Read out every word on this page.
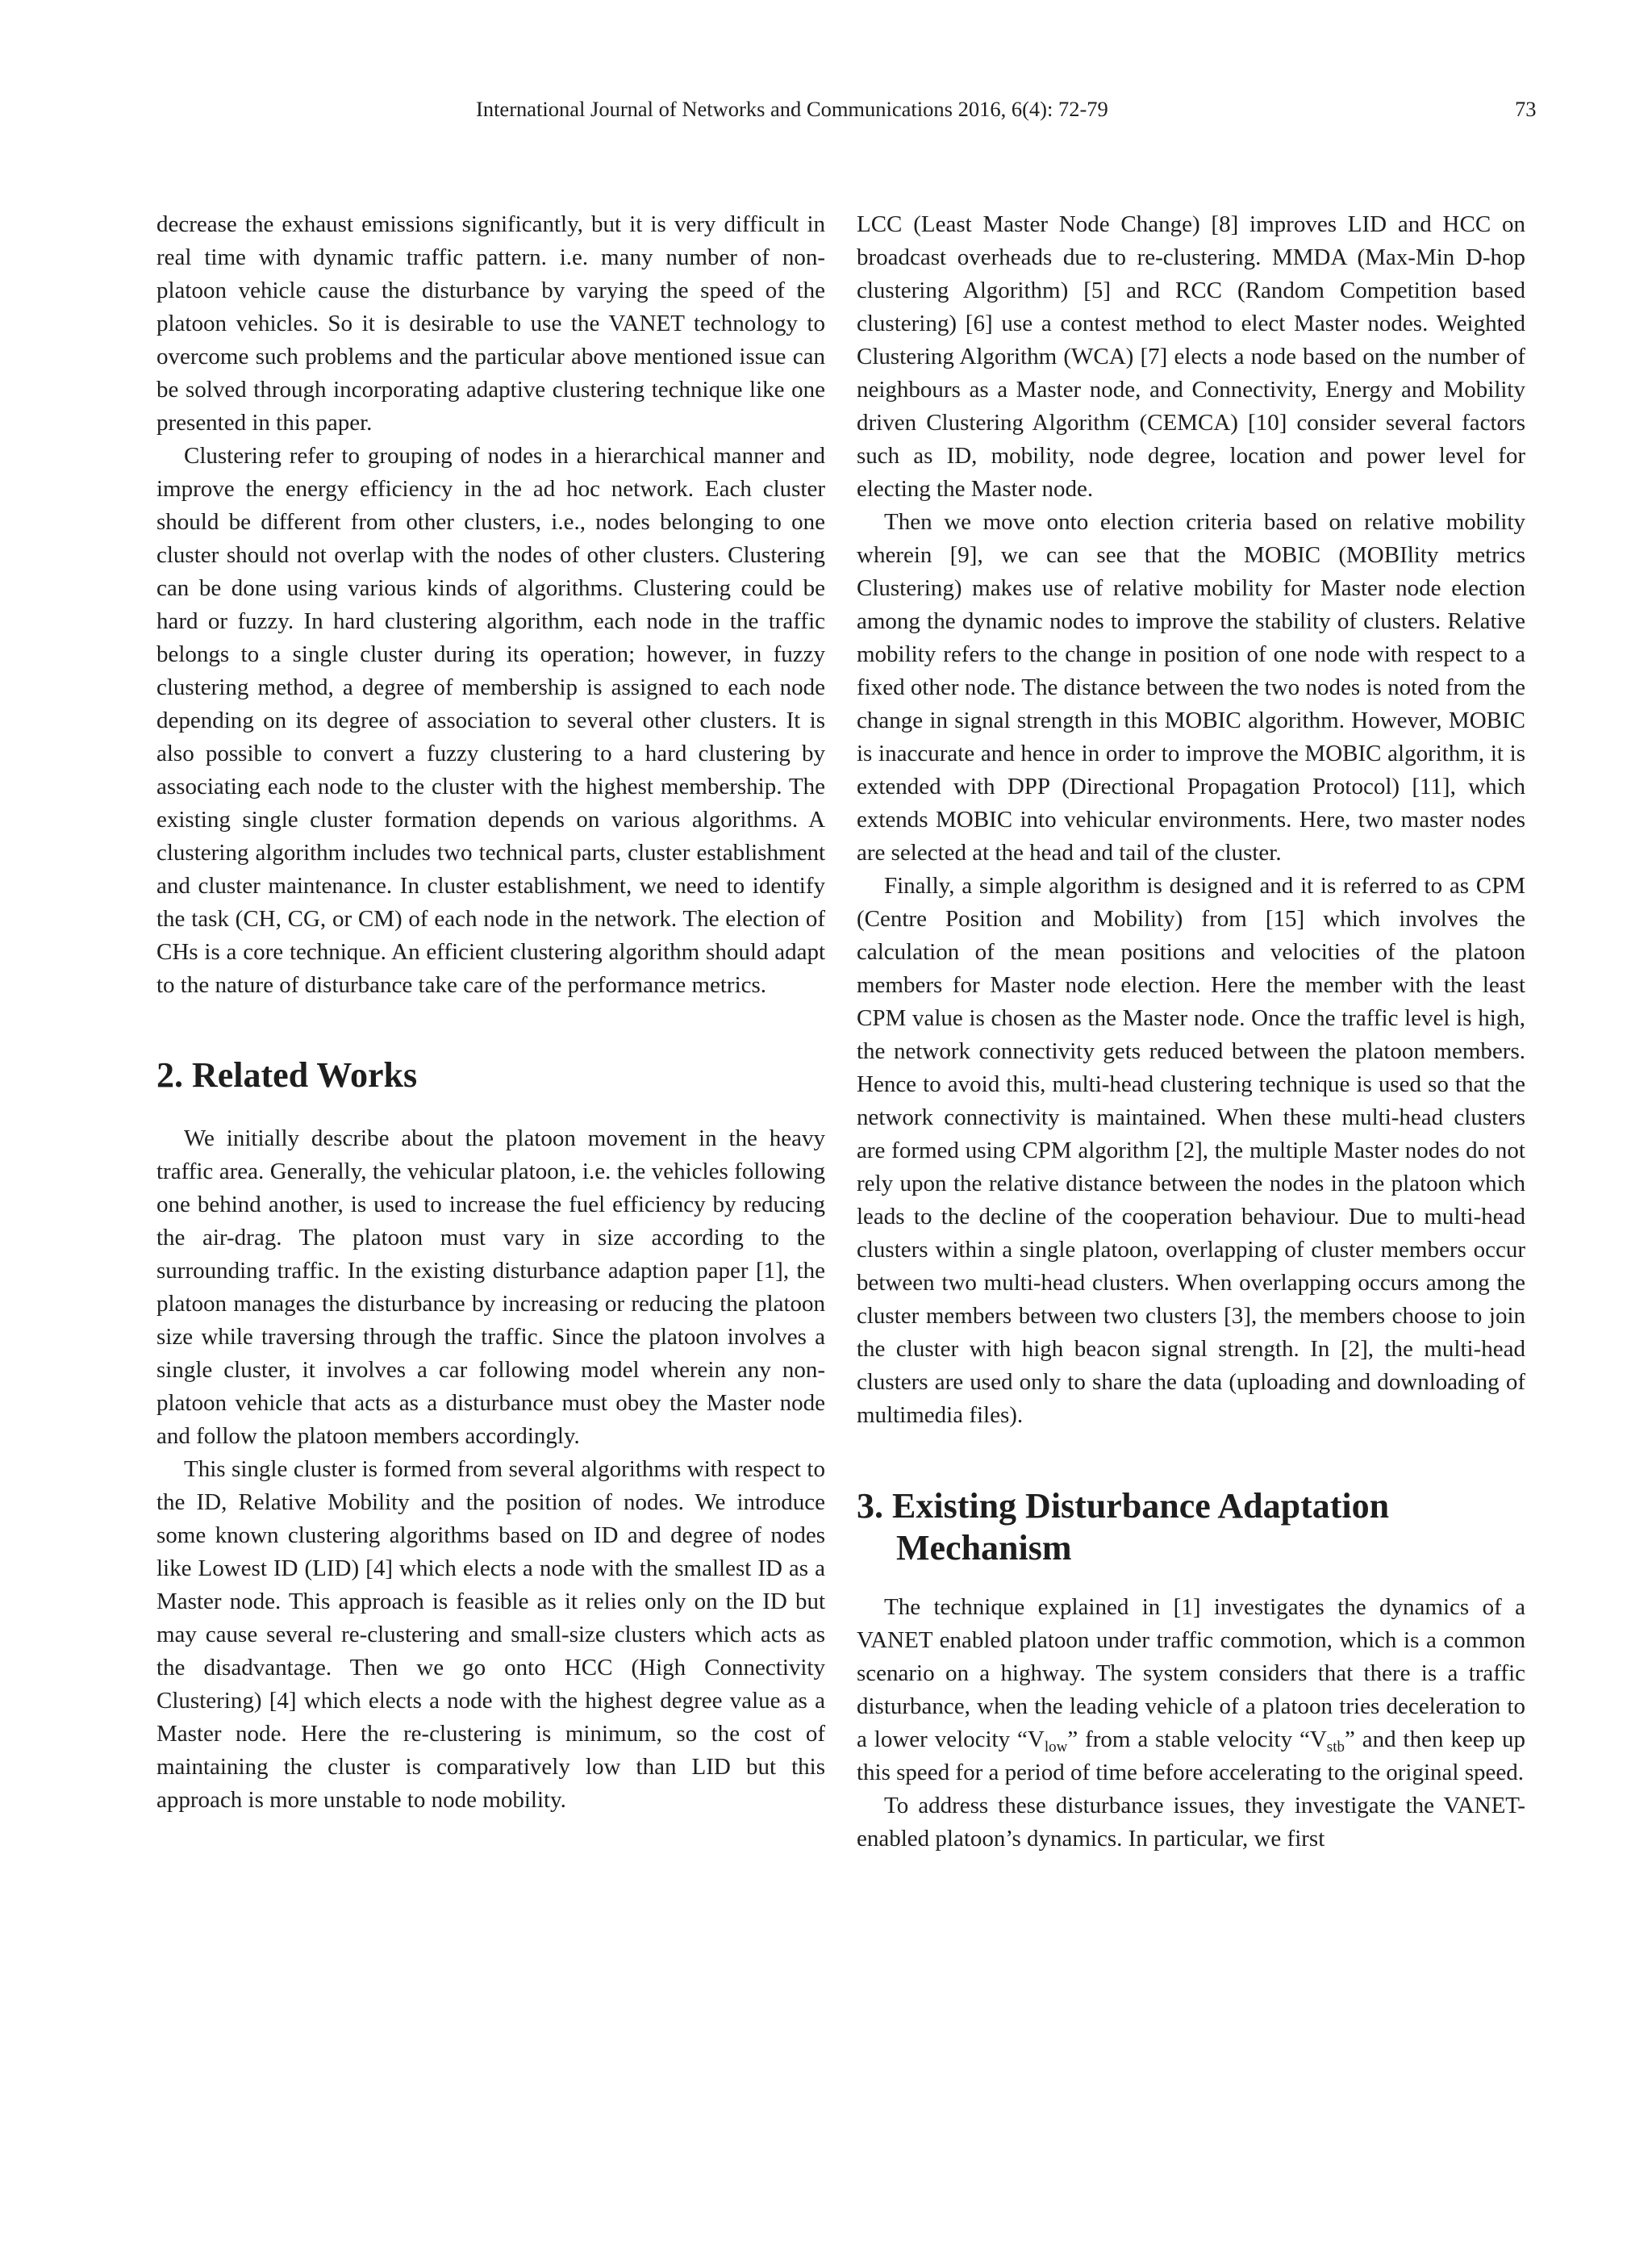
International Journal of Networks and Communications 2016, 6(4): 72-79	73

decrease the exhaust emissions significantly, but it is very difficult in real time with dynamic traffic pattern. i.e. many number of non-platoon vehicle cause the disturbance by varying the speed of the platoon vehicles. So it is desirable to use the VANET technology to overcome such problems and the particular above mentioned issue can be solved through incorporating adaptive clustering technique like one presented in this paper.

Clustering refer to grouping of nodes in a hierarchical manner and improve the energy efficiency in the ad hoc network. Each cluster should be different from other clusters, i.e., nodes belonging to one cluster should not overlap with the nodes of other clusters. Clustering can be done using various kinds of algorithms. Clustering could be hard or fuzzy. In hard clustering algorithm, each node in the traffic belongs to a single cluster during its operation; however, in fuzzy clustering method, a degree of membership is assigned to each node depending on its degree of association to several other clusters. It is also possible to convert a fuzzy clustering to a hard clustering by associating each node to the cluster with the highest membership. The existing single cluster formation depends on various algorithms. A clustering algorithm includes two technical parts, cluster establishment and cluster maintenance. In cluster establishment, we need to identify the task (CH, CG, or CM) of each node in the network. The election of CHs is a core technique. An efficient clustering algorithm should adapt to the nature of disturbance take care of the performance metrics.

2. Related Works

We initially describe about the platoon movement in the heavy traffic area. Generally, the vehicular platoon, i.e. the vehicles following one behind another, is used to increase the fuel efficiency by reducing the air-drag. The platoon must vary in size according to the surrounding traffic. In the existing disturbance adaption paper [1], the platoon manages the disturbance by increasing or reducing the platoon size while traversing through the traffic. Since the platoon involves a single cluster, it involves a car following model wherein any non-platoon vehicle that acts as a disturbance must obey the Master node and follow the platoon members accordingly.

This single cluster is formed from several algorithms with respect to the ID, Relative Mobility and the position of nodes. We introduce some known clustering algorithms based on ID and degree of nodes like Lowest ID (LID) [4] which elects a node with the smallest ID as a Master node. This approach is feasible as it relies only on the ID but may cause several re-clustering and small-size clusters which acts as the disadvantage. Then we go onto HCC (High Connectivity Clustering) [4] which elects a node with the highest degree value as a Master node. Here the re-clustering is minimum, so the cost of maintaining the cluster is comparatively low than LID but this approach is more unstable to node mobility.

LCC (Least Master Node Change) [8] improves LID and HCC on broadcast overheads due to re-clustering. MMDA (Max-Min D-hop clustering Algorithm) [5] and RCC (Random Competition based clustering) [6] use a contest method to elect Master nodes. Weighted Clustering Algorithm (WCA) [7] elects a node based on the number of neighbours as a Master node, and Connectivity, Energy and Mobility driven Clustering Algorithm (CEMCA) [10] consider several factors such as ID, mobility, node degree, location and power level for electing the Master node.

Then we move onto election criteria based on relative mobility wherein [9], we can see that the MOBIC (MOBIlity metrics Clustering) makes use of relative mobility for Master node election among the dynamic nodes to improve the stability of clusters. Relative mobility refers to the change in position of one node with respect to a fixed other node. The distance between the two nodes is noted from the change in signal strength in this MOBIC algorithm. However, MOBIC is inaccurate and hence in order to improve the MOBIC algorithm, it is extended with DPP (Directional Propagation Protocol) [11], which extends MOBIC into vehicular environments. Here, two master nodes are selected at the head and tail of the cluster.

Finally, a simple algorithm is designed and it is referred to as CPM (Centre Position and Mobility) from [15] which involves the calculation of the mean positions and velocities of the platoon members for Master node election. Here the member with the least CPM value is chosen as the Master node. Once the traffic level is high, the network connectivity gets reduced between the platoon members. Hence to avoid this, multi-head clustering technique is used so that the network connectivity is maintained. When these multi-head clusters are formed using CPM algorithm [2], the multiple Master nodes do not rely upon the relative distance between the nodes in the platoon which leads to the decline of the cooperation behaviour. Due to multi-head clusters within a single platoon, overlapping of cluster members occur between two multi-head clusters. When overlapping occurs among the cluster members between two clusters [3], the members choose to join the cluster with high beacon signal strength. In [2], the multi-head clusters are used only to share the data (uploading and downloading of multimedia files).

3. Existing Disturbance Adaptation Mechanism

The technique explained in [1] investigates the dynamics of a VANET enabled platoon under traffic commotion, which is a common scenario on a highway. The system considers that there is a traffic disturbance, when the leading vehicle of a platoon tries deceleration to a lower velocity “$V_{low}$” from a stable velocity “$V_{stb}$” and then keep up this speed for a period of time before accelerating to the original speed.

To address these disturbance issues, they investigate the VANET- enabled platoon’s dynamics. In particular, we first
